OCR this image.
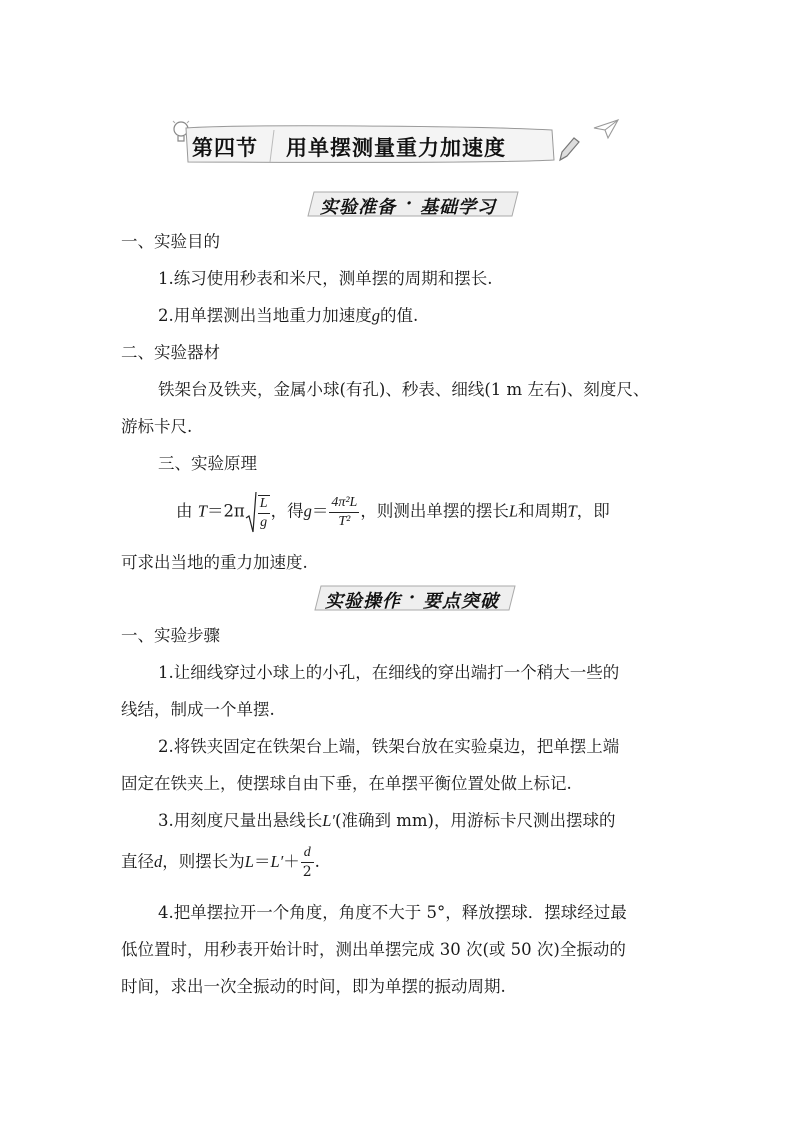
第四节 用单摆测量重力加速度
实验准备 · 基础学习
一、实验目的
1.练习使用秒表和米尺，测单摆的周期和摆长.
2.用单摆测出当地重力加速度g的值.
二、实验器材
铁架台及铁夹，金属小球(有孔)、秒表、细线(1 m 左右)、刻度尺、
游标卡尺.
三、实验原理
由 $T=2\pi \frac{L}{g}$ ，得$g= \frac{\text{4π²L}}{\text{T²}}$ ，则测出单摆的摆长L和周期T，即
可求出当地的重力加速度.
实验操作 · 要点突破
一、实验步骤
1.让细线穿过小球上的小孔，在细线的穿出端打一个稍大一些的
线结，制成一个单摆.
2.将铁夹固定在铁架台上端，铁架台放在实验桌边，把单摆上端
固定在铁夹上，使摆球自由下垂，在单摆平衡位置处做上标记.
3.用刻度尺量出悬线长L′(准确到 mm)，用游标卡尺测出摆球的
直径d，则摆长为$L=L'+ \frac{d}{2}$ .
4.把单摆拉开一个角度，角度不大于 5°，释放摆球．摆球经过最
低位置时，用秒表开始计时，测出单摆完成 30 次(或 50 次)全振动的
时间，求出一次全振动的时间，即为单摆的振动周期.
